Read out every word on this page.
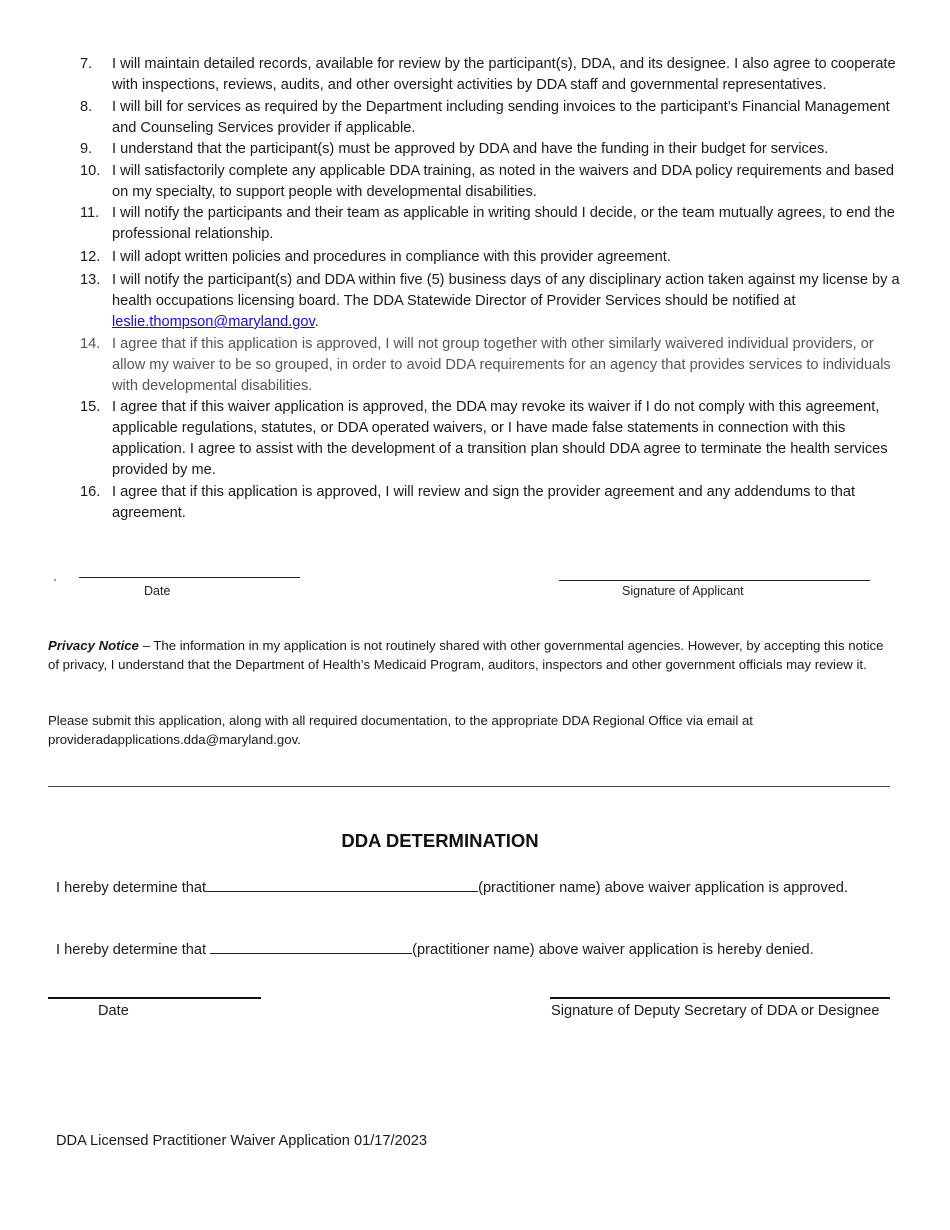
7.	I will maintain detailed records, available for review by the participant(s), DDA, and its designee. I also agree to cooperate with inspections, reviews, audits, and other oversight activities by DDA staff and governmental representatives.
8.	I will bill for services as required by the Department including sending invoices to the participant’s Financial Management and Counseling Services provider if applicable.
9.	I understand that the participant(s) must be approved by DDA and have the funding in their budget for services.
10. I will satisfactorily complete any applicable DDA training, as noted in the waivers and DDA policy requirements and based on my specialty, to support people with developmental disabilities.
11. I will notify the participants and their team as applicable in writing should I decide, or the team mutually agrees, to end the professional relationship.
12. I will adopt written policies and procedures in compliance with this provider agreement.
13. I will notify the participant(s) and DDA within five (5) business days of any disciplinary action taken against my license by a health occupations licensing board. The DDA Statewide Director of Provider Services should be notified at leslie.thompson@maryland.gov.
14. I agree that if this application is approved, I will not group together with other similarly waivered individual providers, or allow my waiver to be so grouped, in order to avoid DDA requirements for an agency that provides services to individuals with developmental disabilities.
15. I agree that if this waiver application is approved, the DDA may revoke its waiver if I do not comply with this agreement, applicable regulations, statutes, or DDA operated waivers, or I have made false statements in connection with this application. I agree to assist with the development of a transition plan should DDA agree to terminate the health services provided by me.
16. I agree that if this application is approved, I will review and sign the provider agreement and any addendums to that agreement.
Date	Signature of Applicant
Privacy Notice – The information in my application is not routinely shared with other governmental agencies. However, by accepting this notice of privacy, I understand that the Department of Health’s Medicaid Program, auditors, inspectors and other government officials may review it.
Please submit this application, along with all required documentation, to the appropriate DDA Regional Office via email at provideradapplications.dda@maryland.gov.
DDA DETERMINATION
I hereby determine that	(practitioner name) above waiver application is approved.
I hereby determine that	(practitioner name) above waiver application is hereby denied.
Date	Signature of Deputy Secretary of DDA or Designee
DDA Licensed Practitioner Waiver Application 01/17/2023
